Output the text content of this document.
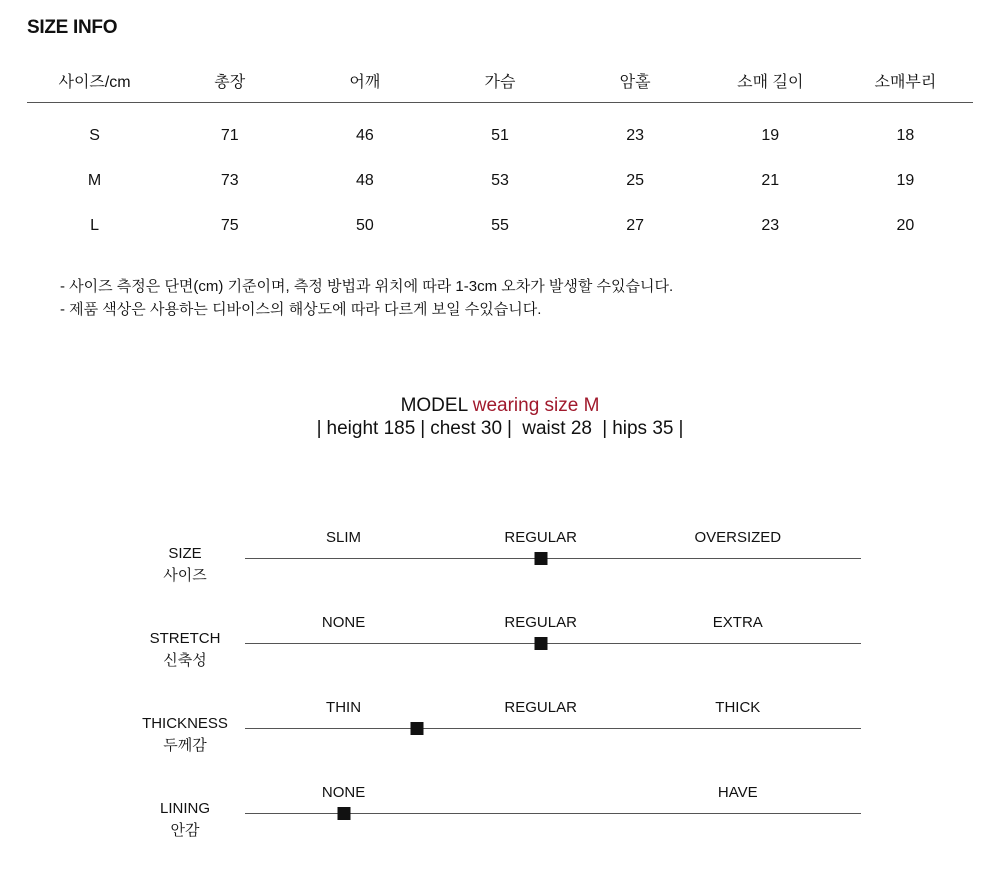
SIZE INFO
사이즈/cm	총장	어깨	가슴	암홀	소매 길이	소매부리
S	71	46	51	23	19	18
M	73	48	53	25	21	19
L	75	50	55	27	23	20
- 사이즈 측정은 단면(cm) 기준이며, 측정 방법과 위치에 따라 1-3cm 오차가 발생할 수있습니다.
- 제품 색상은 사용하는 디바이스의 해상도에 따라 다르게 보일 수있습니다.
MODEL wearing size M
| height 185 | chest 30 | waist 28 | hips 35 |
SIZE
사이즈
SLIM	REGULAR	OVERSIZED
STRETCH
신축성
NONE	REGULAR	EXTRA
THICKNESS
두께감
THIN	REGULAR	THICK
LINING
안감
NONE	HAVE
